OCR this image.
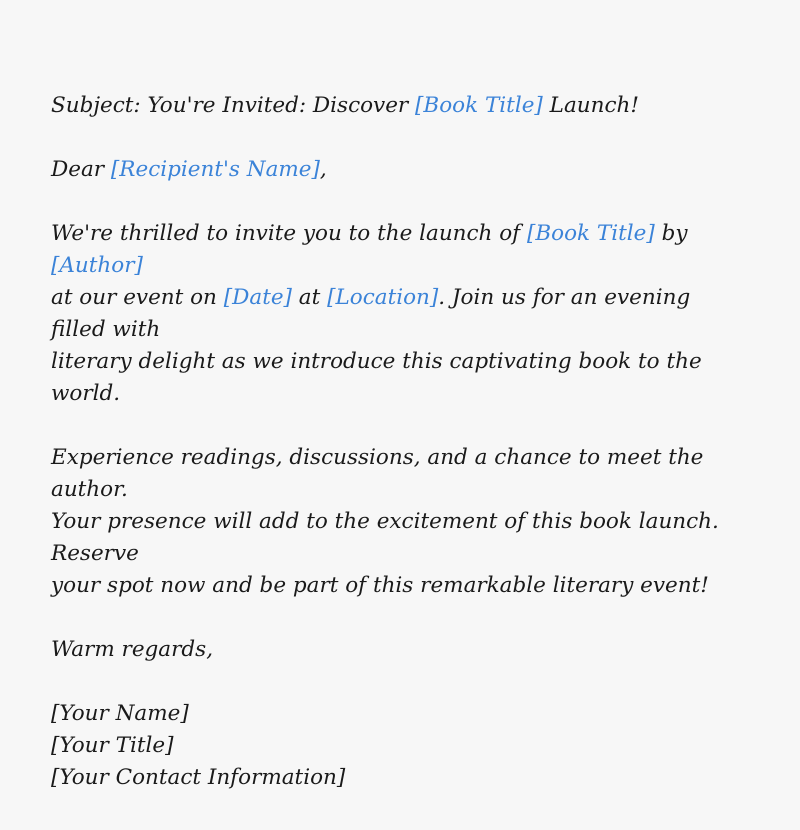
Subject: You're Invited: Discover [Book Title] Launch!
Dear [Recipient's Name],
We're thrilled to invite you to the launch of [Book Title] by [Author]
at our event on [Date] at [Location]. Join us for an evening filled with
literary delight as we introduce this captivating book to the world.
Experience readings, discussions, and a chance to meet the author.
Your presence will add to the excitement of this book launch. Reserve
your spot now and be part of this remarkable literary event!
Warm regards,
[Your Name]
[Your Title]
[Your Contact Information]
